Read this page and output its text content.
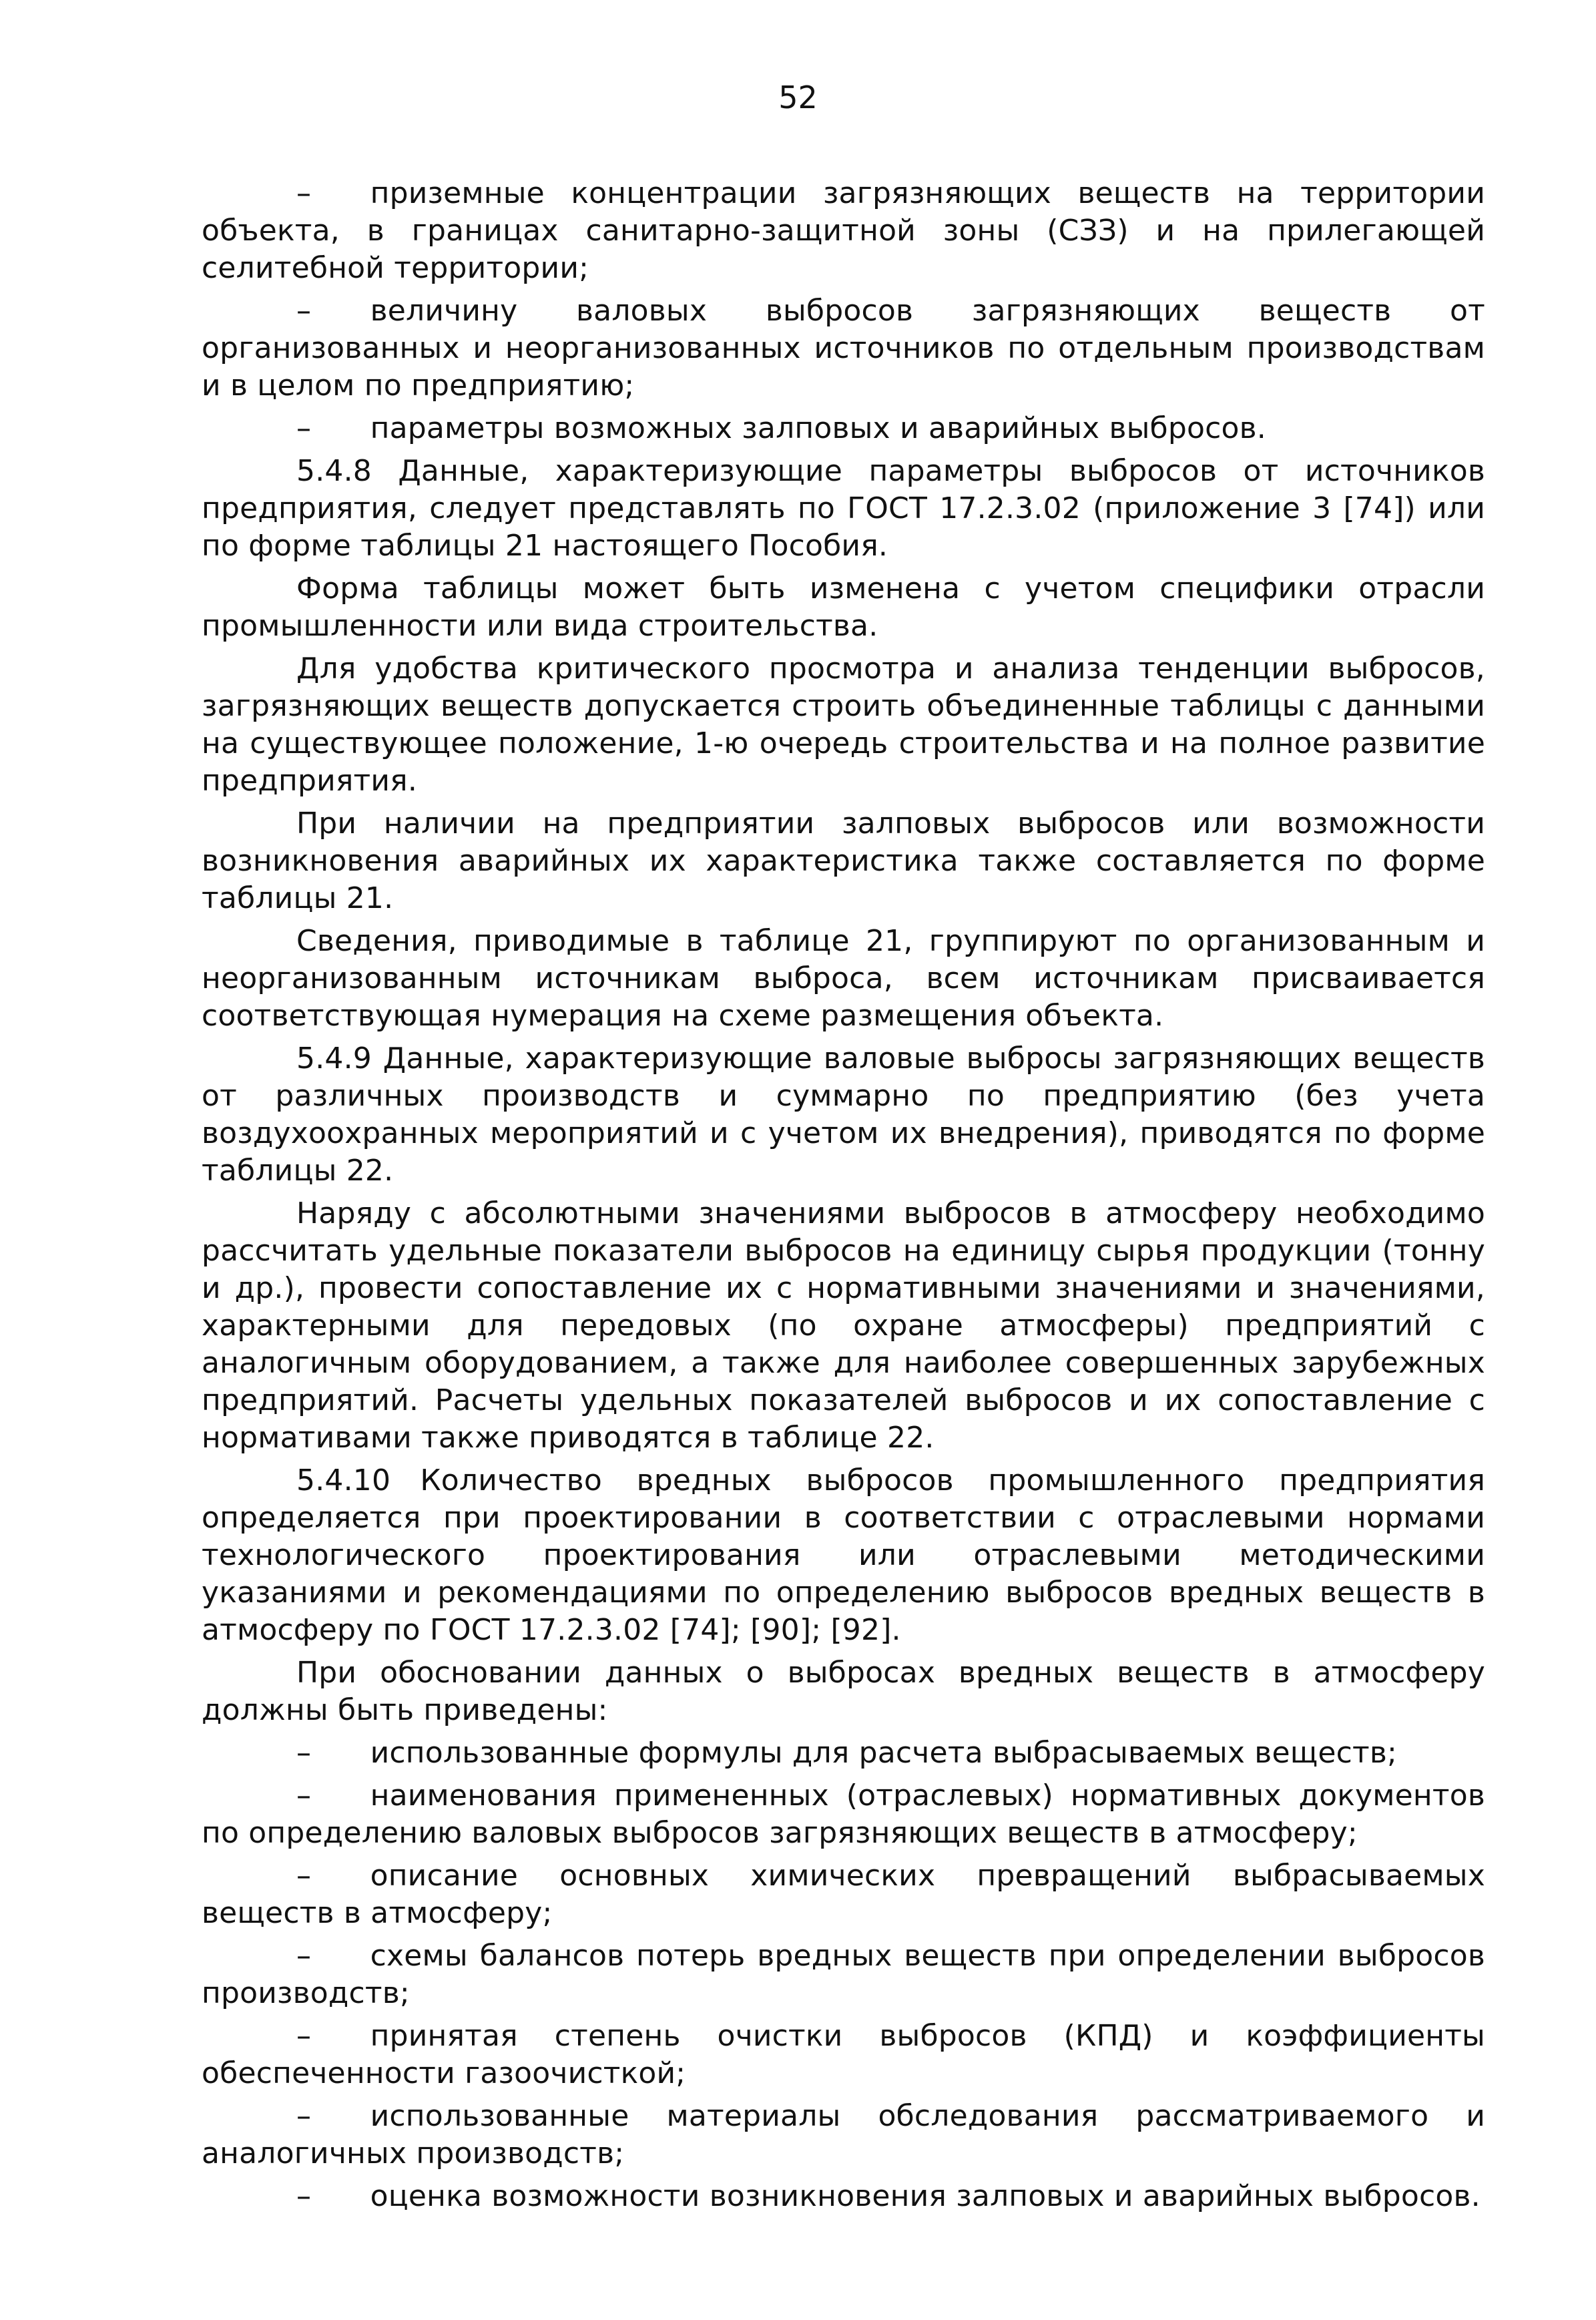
52

–  приземные концентрации загрязняющих веществ на территории объекта, в границах санитарно-защитной зоны (СЗЗ) и на прилегающей селитебной территории;

–  величину валовых выбросов загрязняющих веществ от организованных и неорганизованных источников по отдельным производствам и в целом по предприятию;

–  параметры возможных залповых и аварийных выбросов.

5.4.8 Данные, характеризующие параметры выбросов от источников предприятия, следует представлять по ГОСТ 17.2.3.02 (приложение 3 [74]) или по форме таблицы 21 настоящего Пособия.

Форма таблицы может быть изменена с учетом специфики отрасли промышленности или вида строительства.

Для удобства критического просмотра и анализа тенденции выбросов, загрязняющих веществ допускается строить объединенные таблицы с данными на существующее положение, 1-ю очередь строительства и на полное развитие предприятия.

При наличии на предприятии залповых выбросов или возможности возникновения аварийных их характеристика также составляется по форме таблицы 21.

Сведения, приводимые в таблице 21, группируют по организованным и неорганизованным источникам выброса, всем источникам присваивается соответствующая нумерация на схеме размещения объекта.

5.4.9 Данные, характеризующие валовые выбросы загрязняющих веществ от различных производств и суммарно по предприятию (без учета воздухоохранных мероприятий и с учетом их внедрения), приводятся по форме таблицы 22.

Наряду с абсолютными значениями выбросов в атмосферу необходимо рассчитать удельные показатели выбросов на единицу сырья продукции (тонну и др.), провести сопоставление их с нормативными значениями и значениями, характерными для передовых (по охране атмосферы) предприятий с аналогичным оборудованием, а также для наиболее совершенных зарубежных предприятий. Расчеты удельных показателей выбросов и их сопоставление с нормативами также приводятся в таблице 22.

5.4.10 Количество вредных выбросов промышленного предприятия определяется при проектировании в соответствии с отраслевыми нормами технологического проектирования или отраслевыми методическими указаниями и рекомендациями по определению выбросов вредных веществ в атмосферу по ГОСТ 17.2.3.02 [74]; [90]; [92].

При обосновании данных о выбросах вредных веществ в атмосферу должны быть приведены:

–  использованные формулы для расчета выбрасываемых веществ;

–  наименования примененных (отраслевых) нормативных документов по определению валовых выбросов загрязняющих веществ в атмосферу;

–  описание основных химических превращений выбрасываемых веществ в атмосферу;

–  схемы балансов потерь вредных веществ при определении выбросов производств;

–  принятая степень очистки выбросов (КПД) и коэффициенты обеспеченности газоочисткой;

–  использованные материалы обследования рассматриваемого и аналогичных производств;

–  оценка возможности возникновения залповых и аварийных выбросов.
